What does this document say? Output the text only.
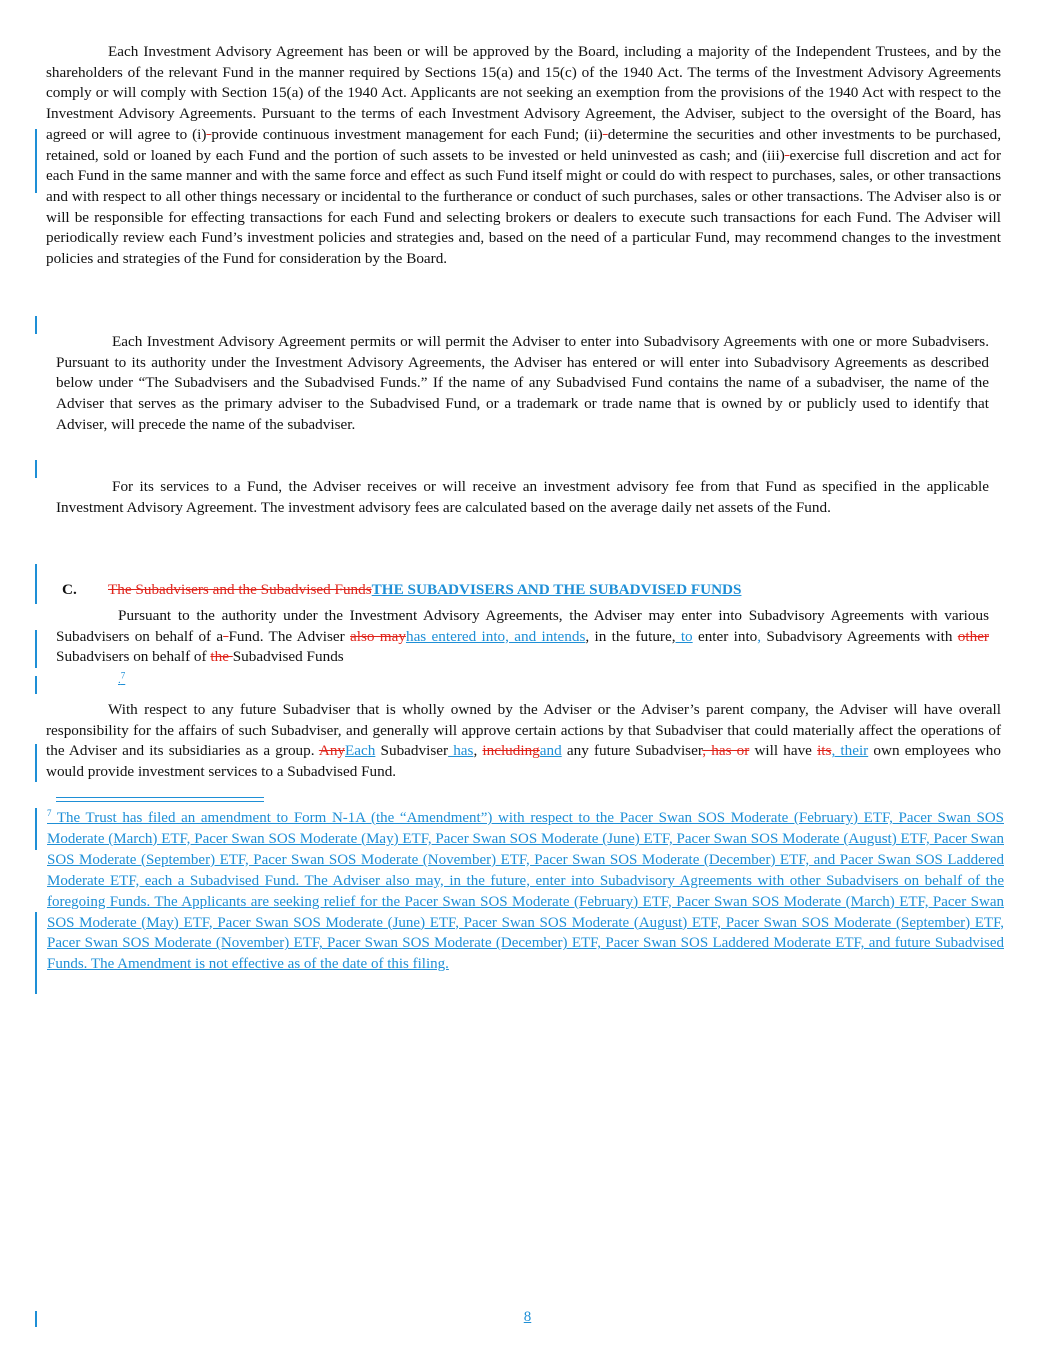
Each Investment Advisory Agreement has been or will be approved by the Board, including a majority of the Independent Trustees, and by the shareholders of the relevant Fund in the manner required by Sections 15(a) and 15(c) of the 1940 Act. The terms of the Investment Advisory Agreements comply or will comply with Section 15(a) of the 1940 Act. Applicants are not seeking an exemption from the provisions of the 1940 Act with respect to the Investment Advisory Agreements. Pursuant to the terms of each Investment Advisory Agreement, the Adviser, subject to the oversight of the Board, has agreed or will agree to (i) provide continuous investment management for each Fund; (ii) determine the securities and other investments to be purchased, retained, sold or loaned by each Fund and the portion of such assets to be invested or held uninvested as cash; and (iii) exercise full discretion and act for each Fund in the same manner and with the same force and effect as such Fund itself might or could do with respect to purchases, sales, or other transactions and with respect to all other things necessary or incidental to the furtherance or conduct of such purchases, sales or other transactions. The Adviser also is or will be responsible for effecting transactions for each Fund and selecting brokers or dealers to execute such transactions for each Fund. The Adviser will periodically review each Fund’s investment policies and strategies and, based on the need of a particular Fund, may recommend changes to the investment policies and strategies of the Fund for consideration by the Board.
Each Investment Advisory Agreement permits or will permit the Adviser to enter into Subadvisory Agreements with one or more Subadvisers. Pursuant to its authority under the Investment Advisory Agreements, the Adviser has entered or will enter into Subadvisory Agreements as described below under “The Subadvisers and the Subadvised Funds.” If the name of any Subadvised Fund contains the name of a subadviser, the name of the Adviser that serves as the primary adviser to the Subadvised Fund, or a trademark or trade name that is owned by or publicly used to identify that Adviser, will precede the name of the subadviser.
For its services to a Fund, the Adviser receives or will receive an investment advisory fee from that Fund as specified in the applicable Investment Advisory Agreement. The investment advisory fees are calculated based on the average daily net assets of the Fund.
C. The Subadvisers and the Subadvised FundsTHE SUBADVISERS AND THE SUBADVISED FUNDS
Pursuant to the authority under the Investment Advisory Agreements, the Adviser may enter into Subadvisory Agreements with various Subadvisers on behalf of a Fund. The Adviser also mayhas entered into, and intends, in the future, to enter into, Subadvisory Agreements with other Subadvisers on behalf of the Subadvised Funds
.$^7$
With respect to any future Subadviser that is wholly owned by the Adviser or the Adviser’s parent company, the Adviser will have overall responsibility for the affairs of such Subadviser, and generally will approve certain actions by that Subadviser that could materially affect the operations of the Adviser and its subsidiaries as a group. AnyEach Subadviser has, includingand any future Subadviser, has or will have its, their own employees who would provide investment services to a Subadvised Fund.
$^7$ The Trust has filed an amendment to Form N-1A (the “Amendment”) with respect to the Pacer Swan SOS Moderate (February) ETF, Pacer Swan SOS Moderate (March) ETF, Pacer Swan SOS Moderate (May) ETF, Pacer Swan SOS Moderate (June) ETF, Pacer Swan SOS Moderate (August) ETF, Pacer Swan SOS Moderate (September) ETF, Pacer Swan SOS Moderate (November) ETF, Pacer Swan SOS Moderate (December) ETF, and Pacer Swan SOS Laddered Moderate ETF, each a Subadvised Fund. The Adviser also may, in the future, enter into Subadvisory Agreements with other Subadvisers on behalf of the foregoing Funds. The Applicants are seeking relief for the Pacer Swan SOS Moderate (February) ETF, Pacer Swan SOS Moderate (March) ETF, Pacer Swan SOS Moderate (May) ETF, Pacer Swan SOS Moderate (June) ETF, Pacer Swan SOS Moderate (August) ETF, Pacer Swan SOS Moderate (September) ETF, Pacer Swan SOS Moderate (November) ETF, Pacer Swan SOS Moderate (December) ETF, Pacer Swan SOS Laddered Moderate ETF, and future Subadvised Funds. The Amendment is not effective as of the date of this filing.
8
